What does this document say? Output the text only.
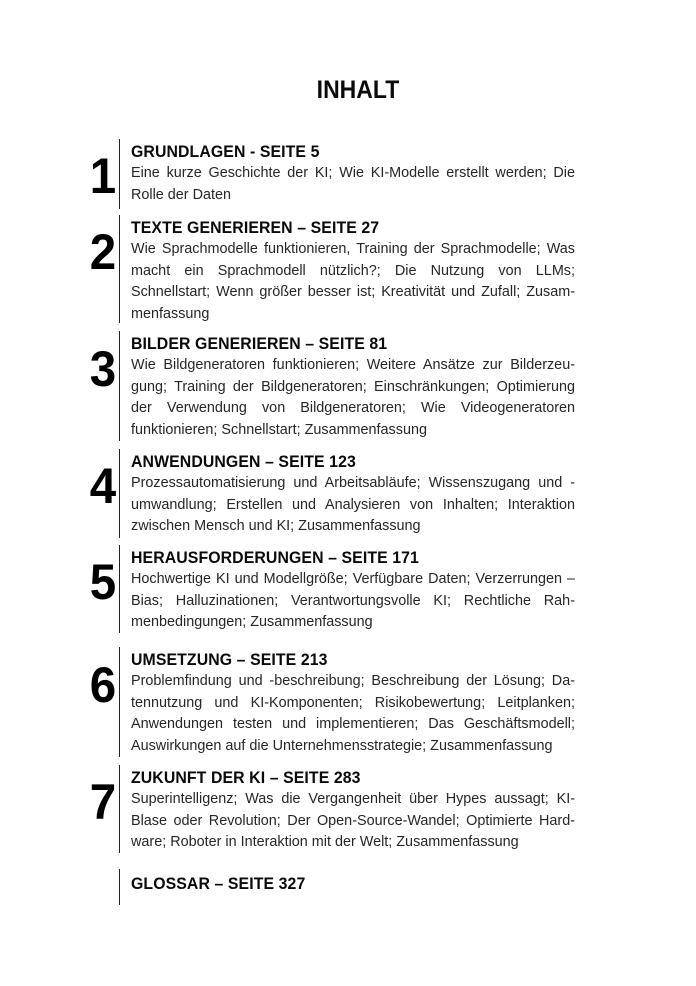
INHALT
1 GRUNDLAGEN - SEITE 5
Eine kurze Geschichte der KI; Wie KI-Modelle erstellt werden; Die Rolle der Daten
2 TEXTE GENERIEREN – SEITE 27
Wie Sprachmodelle funktionieren, Training der Sprachmodelle; Was macht ein Sprachmodell nützlich?; Die Nutzung von LLMs; Schnellstart; Wenn größer besser ist; Kreativität und Zufall; Zusammenfassung
3 BILDER GENERIEREN – SEITE 81
Wie Bildgeneratoren funktionieren; Weitere Ansätze zur Bilderzeugung; Training der Bildgeneratoren; Einschränkungen; Optimierung der Verwendung von Bildgeneratoren; Wie Videogeneratoren funktionieren; Schnellstart; Zusammenfassung
4 ANWENDUNGEN – SEITE 123
Prozessautomatisierung und Arbeitsabläufe; Wissenszugang und -umwandlung; Erstellen und Analysieren von Inhalten; Interaktion zwischen Mensch und KI; Zusammenfassung
5 HERAUSFORDERUNGEN – SEITE 171
Hochwertige KI und Modellgröße; Verfügbare Daten; Verzerrungen – Bias; Halluzinationen; Verantwortungsvolle KI; Rechtliche Rahmenbedingungen; Zusammenfassung
6 UMSETZUNG – SEITE 213
Problemfindung und -beschreibung; Beschreibung der Lösung; Datennutzung und KI-Komponenten; Risikobewertung; Leitplanken; Anwendungen testen und implementieren; Das Geschäftsmodell; Auswirkungen auf die Unternehmensstrategie; Zusammenfassung
7 ZUKUNFT DER KI – SEITE 283
Superintelligenz; Was die Vergangenheit über Hypes aussagt; KI-Blase oder Revolution; Der Open-Source-Wandel; Optimierte Hardware; Roboter in Interaktion mit der Welt; Zusammenfassung
GLOSSAR – SEITE 327
